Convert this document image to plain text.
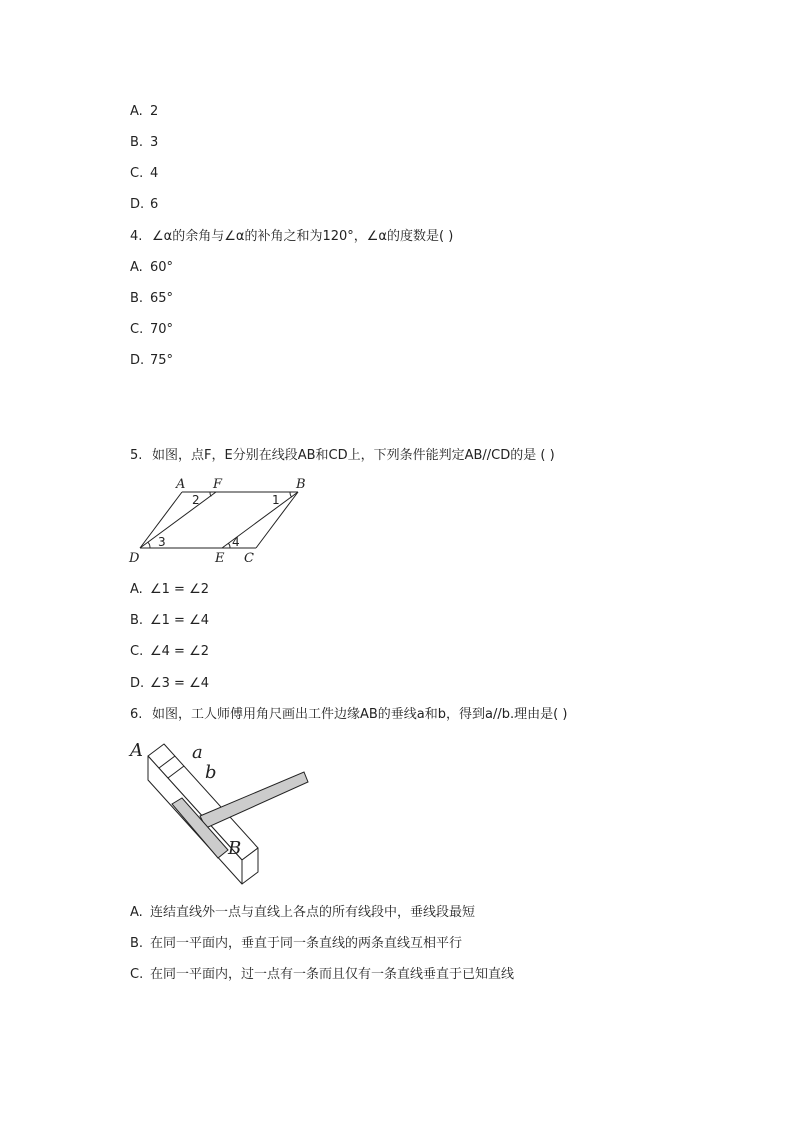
A. 2
B. 3
C. 4
D. 6
4. ∠α的余角与∠α的补角之和为120°，∠α的度数是( )
A. 60°
B. 65°
C. 70°
D. 75°
5. 如图，点F，E分别在线段AB和CD上，下列条件能判定AB//CD的是 ( )
A F	B
D	E C
2	1
3	4
A. ∠1 = ∠2
B. ∠1 = ∠4
C. ∠4 = ∠2
D. ∠3 = ∠4
6. 如图，工人师傅用角尺画出工件边缘AB的垂线a和b，得到a//b.理由是( )
A	a
b
B
A. 连结直线外一点与直线上各点的所有线段中，垂线段最短
B. 在同一平面内，垂直于同一条直线的两条直线互相平行
C. 在同一平面内，过一点有一条而且仅有一条直线垂直于已知直线
